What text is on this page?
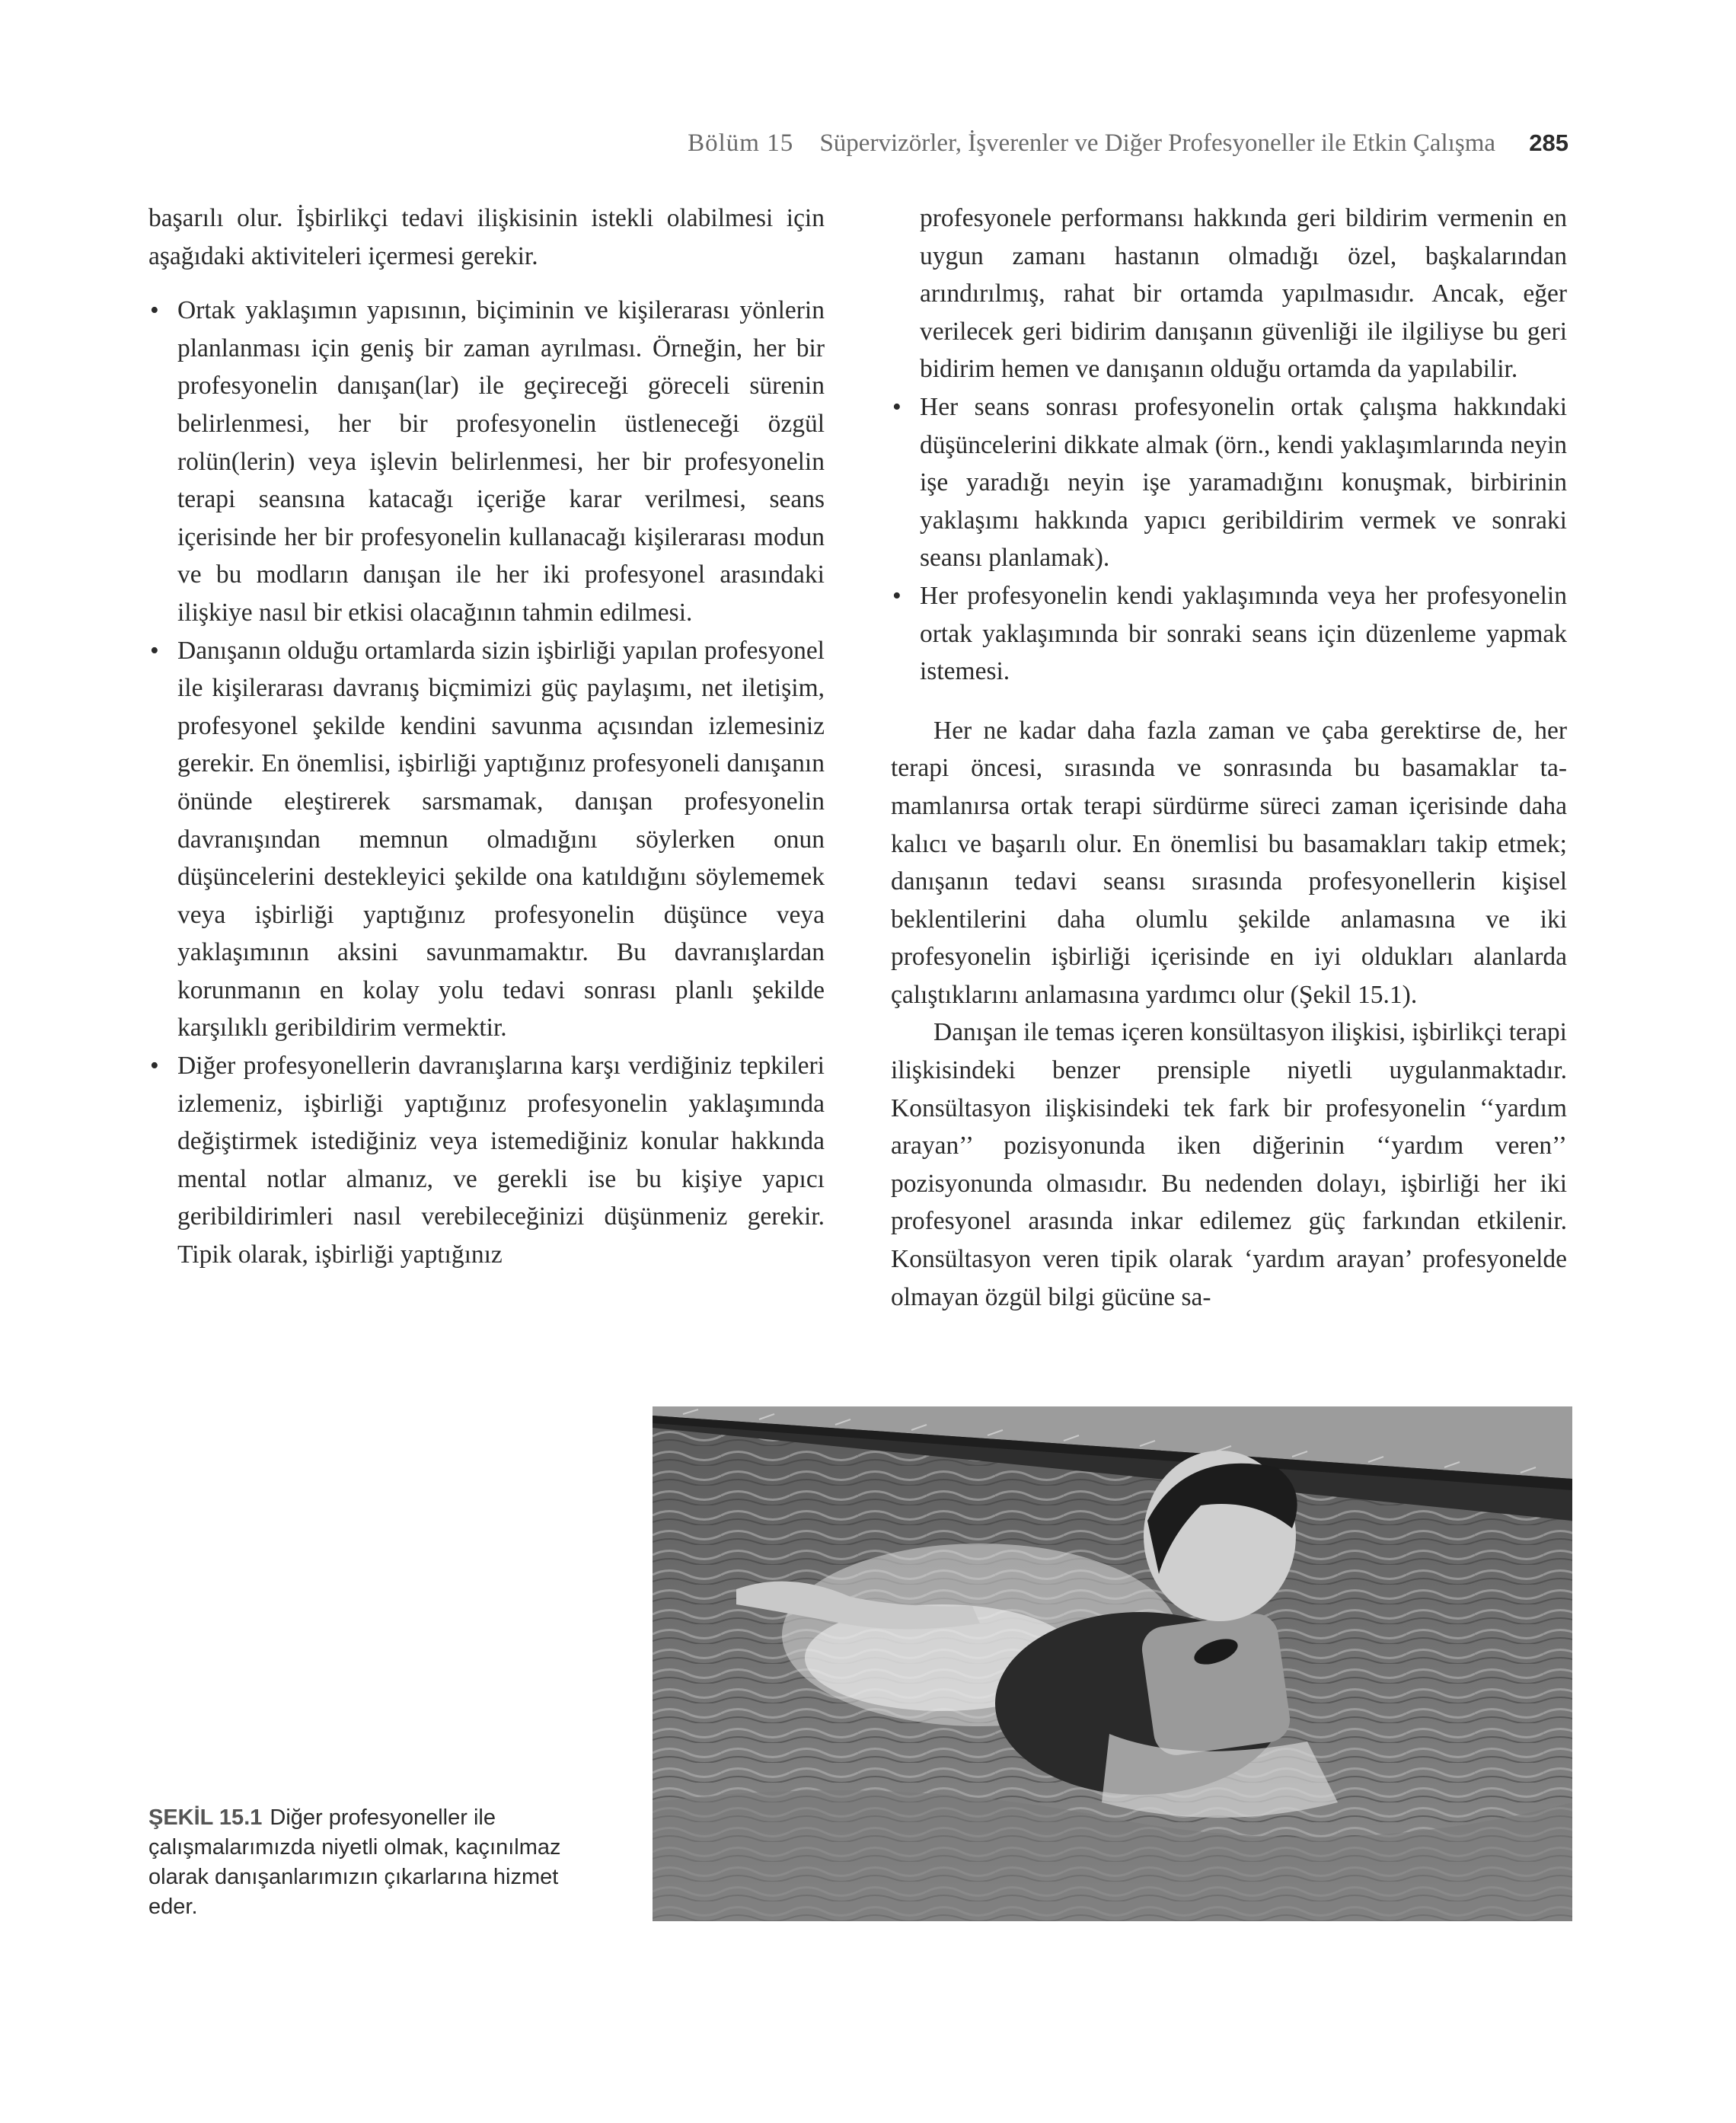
Bölüm 15 Süpervizörler, İşverenler ve Diğer Profesyoneller ile Etkin Çalışma 285

başarılı olur. İşbirlikçi tedavi ilişkisinin istekli olabilmesi için aşağıdaki aktiviteleri içermesi gerekir.

• Ortak yaklaşımın yapısının, biçiminin ve kişilerarası yönlerin planlanması için geniş bir zaman ayrılması. Örneğin, her bir profesyonelin danışan(lar) ile geçireceği göreceli sürenin belirlenmesi, her bir profesyonelin üstleneceği özgül rolün(lerin) veya işlevin belirlenmesi, her bir profesyonelin terapi seansına katacağı içeriğe karar verilmesi, seans içerisinde her bir profesyonelin kullanacağı kişilerarası modun ve bu modların danışan ile her iki profesyonel arasındaki ilişkiye nasıl bir etkisi olacağının tahmin edilmesi.
• Danışanın olduğu ortamlarda sizin işbirliği yapılan profesyonel ile kişilerarası davranış biçmimizi güç paylaşımı, net iletişim, profesyonel şekilde kendini savunma açısından izlemesiniz gerekir. En önemlisi, işbirliği yaptığınız profesyoneli danışanın önünde eleştirerek sarsmamak, danışan profesyonelin davranışından memnun olmadığını söylerken onun düşüncelerini destekleyici şekilde ona katıldığını söylememek veya işbirliği yaptığınız profesyonelin düşünce veya yaklaşımının aksini savunmamaktır. Bu davranışlardan korunmanın en kolay yolu tedavi sonrası planlı şekilde karşılıklı geribildirim vermektir.
• Diğer profesyonellerin davranışlarına karşı verdiğiniz tepkileri izlemeniz, işbirliği yaptığınız profesyonelin yaklaşımında değiştirmek istediğiniz veya istemediğiniz konular hakkında mental notlar almanız, ve gerekli ise bu kişiye yapıcı geribildirimleri nasıl verebileceğinizi düşünmeniz gerekir. Tipik olarak, işbirliği yaptığınız

profesyonele performansı hakkında geri bildirim vermenin en uygun zamanı hastanın olmadığı özel, başkalarından arındırılmış, rahat bir ortamda yapılmasıdır. Ancak, eğer verilecek geri bidirim danışanın güvenliği ile ilgiliyse bu geri bidirim hemen ve danışanın olduğu ortamda da yapılabilir.

• Her seans sonrası profesyonelin ortak çalışma hakkındaki düşüncelerini dikkate almak (örn., kendi yaklaşımlarında neyin işe yaradığı neyin işe yaramadığını konuşmak, birbirinin yaklaşımı hakkında yapıcı geribildirim vermek ve sonraki seansı planlamak).
• Her profesyonelin kendi yaklaşımında veya her profesyonelin ortak yaklaşımında bir sonraki seans için düzenleme yapmak istemesi.

Her ne kadar daha fazla zaman ve çaba gerektirse de, her terapi öncesi, sırasında ve sonrasında bu basamaklar tamamlanırsa ortak terapi sürdürme süreci zaman içerisinde daha kalıcı ve başarılı olur. En önemlisi bu basamakları takip etmek; danışanın tedavi seansı sırasında profesyonellerin kişisel beklentilerini daha olumlu şekilde anlamasına ve iki profesyonelin işbirliği içerisinde en iyi oldukları alanlarda çalıştıklarını anlamasına yardımcı olur (Şekil 15.1).

Danışan ile temas içeren konsültasyon ilişkisi, işbirlikçi terapi ilişkisindeki benzer prensiple niyetli uygulanmaktadır. Konsültasyon ilişkisindeki tek fark bir profesyonelin ‘‘yardım arayan’’ pozisyonunda iken diğerinin ‘‘yardım veren’’ pozisyonunda olmasıdır. Bu nedenden dolayı, işbirliği her iki profesyonel arasında inkar edilemez güç farkından etkilenir. Konsültasyon veren tipik olarak ‘yardım arayan’ profesyonelde olmayan özgül bilgi gücüne sa-

ŞEKİL 15.1 Diğer profesyoneller ile çalışmalarımızda niyetli olmak, kaçınılmaz olarak danışanlarımızın çıkarlarına hizmet eder.
